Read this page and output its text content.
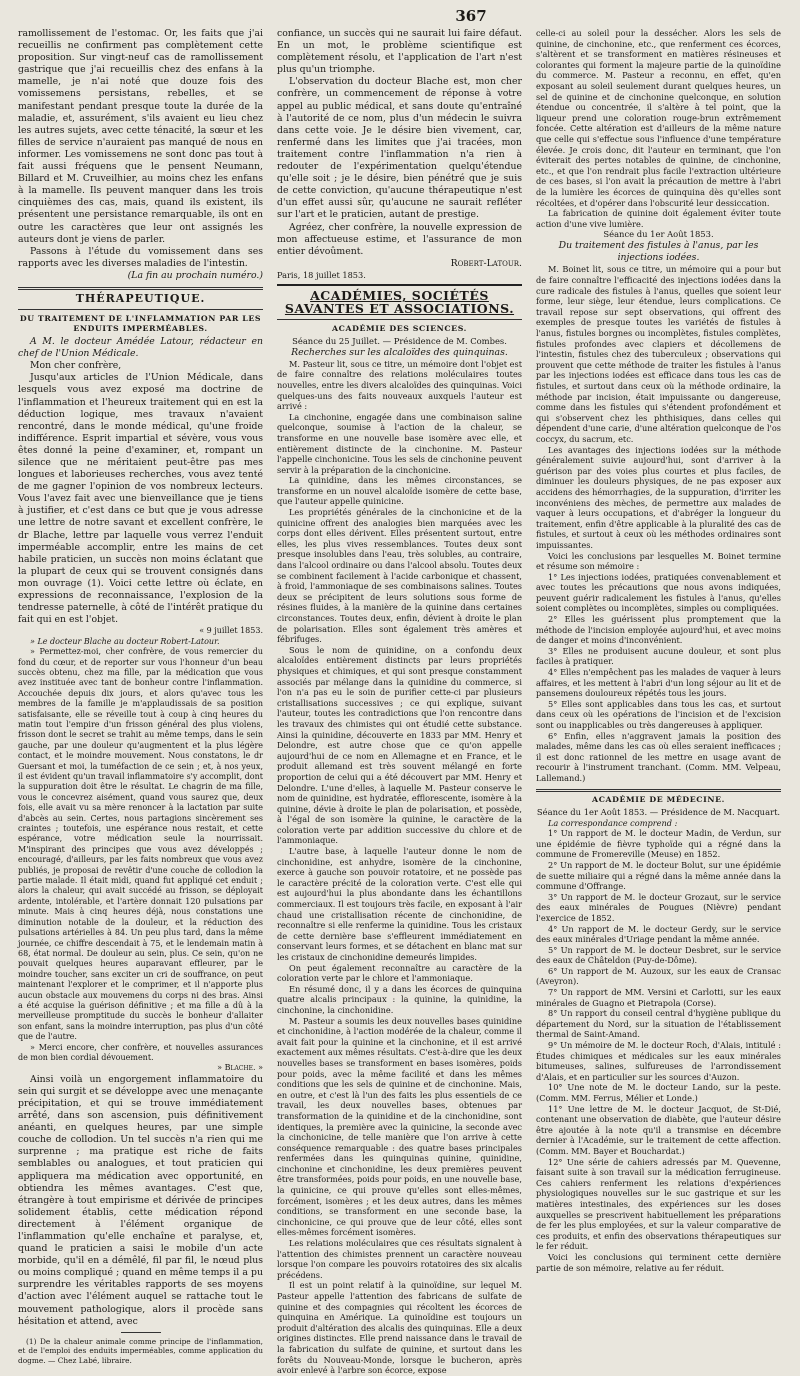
367

ramollissement de l'estomac. Or, les faits que j'ai recueillis ne confirment pas complètement cette proposition. Sur vingt-neuf cas de ramollissement gastrique que j'ai recueillis chez des enfans à la mamelle, je n'ai noté que douze fois des vomissemens persistans, rebelles, et se manifestant pendant presque toute la durée de la maladie, et, assurément, s'ils avaient eu lieu chez les autres sujets, avec cette ténacité, la sœur et les filles de service n'auraient pas manqué de nous en informer. Les vomissemens ne sont donc pas tout à fait aussi fréquens que le pensent Neumann, Billard et M. Cruveilhier, au moins chez les enfans à la mamelle. Ils peuvent manquer dans les trois cinquièmes des cas, mais, quand ils existent, ils présentent une persistance remarquable, ils ont en outre les caractères que leur ont assignés les auteurs dont je viens de parler.

Passons à l'étude du vomissement dans ses rapports avec les diverses maladies de l'intestin.

(La fin au prochain numéro.)

THÉRAPEUTIQUE.
DU TRAITEMENT DE L'INFLAMMATION PAR LES ENDUITS IMPERMÉABLES.

A M. le docteur Amédée Latour, rédacteur en chef de l'Union Médicale.

Mon cher confrère,

Jusqu'aux articles de l'Union Médicale, dans lesquels vous avez exposé ma doctrine de l'inflammation et l'heureux traitement qui en est la déduction logique, mes travaux n'avaient rencontré, dans le monde médical, qu'une froide indifférence. Esprit impartial et sévère, vous vous êtes donné la peine d'examiner, et, rompant un silence que ne méritaient peut-être pas mes longues et laborieuses recherches, vous avez tenté de me gagner l'opinion de vos nombreux lecteurs. Vous l'avez fait avec une bienveillance que je tiens à justifier, et c'est dans ce but que je vous adresse une lettre de notre savant et excellent confrère, le dr Blache, lettre par laquelle vous verrez l'enduit imperméable accomplir, entre les mains de cet habile praticien, un succès non moins éclatant que la plupart de ceux qui se trouvent consignés dans mon ouvrage (1). Voici cette lettre où éclate, en expressions de reconnaissance, l'explosion de la tendresse paternelle, à côté de l'intérêt pratique du fait qui en est l'objet.

« 9 juillet 1853.

» Le docteur Blache au docteur Robert-Latour.

» Permettez-moi, cher confrère, de vous remercier du fond du cœur, et de reporter sur vous l'honneur d'un beau succès obtenu, chez ma fille, par la médication que vous avez instituée avec tant de bonheur contre l'inflammation. Accouchée depuis dix jours, et alors qu'avec tous les membres de la famille je m'applaudissais de sa position satisfaisante, elle se réveille tout à coup à cinq heures du matin tout l'empire d'un frisson général des plus violens, frisson dont le secret se trahit au même temps, dans le sein gauche, par une douleur qu'augmentent et la plus légère contact, et le moindre mouvement. Nous constatons, le dr Guersant et moi, la tuméfaction de ce sein ; et, à nos yeux, il est évident qu'un travail inflammatoire s'y accomplit, dont la suppuration doit être le résultat. Le chagrin de ma fille, vous le concevrez aisément, quand vous saurez que, deux fois, elle avait vu sa mère renoncer à la lactation par suite d'abcès au sein. Certes, nous partagions sincèrement ses craintes ; toutefois, une espérance nous restait, et cette espérance, votre médication seule la nourrissait. M'inspirant des principes que vous avez développés ; encouragé, d'ailleurs, par les faits nombreux que vous avez publiés, je proposai de revêtir d'une couche de collodion la partie malade. Il était midi, quand fut appliqué cet enduit ; alors la chaleur, qui avait succédé au frisson, se déployait ardente, intolérable, et l'artère donnait 120 pulsations par minute. Mais à cinq heures déjà, nous constations une diminution notable de la douleur, et la réduction des pulsations artérielles à 84. Un peu plus tard, dans la même journée, ce chiffre descendait à 75, et le lendemain matin à 68, état normal. De douleur au sein, plus. Ce sein, qu'on ne pouvait quelques heures auparavant effleurer, par le moindre toucher, sans exciter un cri de souffrance, on peut maintenant l'explorer et le comprimer, et il n'apporte plus aucun obstacle aux mouvemens du corps ni des bras. Ainsi a été acquise la guérison définitive ; et ma fille a dû à la merveilleuse promptitude du succès le bonheur d'allaiter son enfant, sans la moindre interruption, pas plus d'un côté que de l'autre.

» Merci encore, cher confrère, et nouvelles assurances de mon bien cordial dévouement.

» Blache. »

Ainsi voilà un engorgement inflammatoire du sein qui surgit et se développe avec une menaçante précipitation, et qui se trouve immédiatement arrêté, dans son ascension, puis définitivement anéanti, en quelques heures, par une simple couche de collodion. Un tel succès n'a rien qui me surprenne ; ma pratique est riche de faits semblables ou analogues, et tout praticien qui appliquera ma médication avec opportunité, en obtiendra les mêmes avantages. C'est que, étrangère à tout empirisme et dérivée de principes solidement établis, cette médication répond directement à l'élément organique de l'inflammation qu'elle enchaîne et paralyse, et, quand le praticien a saisi le mobile d'un acte morbide, qu'il en a démêlé, fil par fil, le nœud plus ou moins compliqué ; quand en même temps il a pu surprendre les véritables rapports de ses moyens d'action avec l'élément auquel se rattache tout le mouvement pathologique, alors il procède sans hésitation et attend, avec

(1) De la chaleur animale comme principe de l'inflammation, et de l'emploi des enduits imperméables, comme application du dogme. — Chez Labé, libraire.

confiance, un succès qui ne saurait lui faire défaut. En un mot, le problème scientifique est complètement résolu, et l'application de l'art n'est plus qu'un triomphe.

L'observation du docteur Blache est, mon cher confrère, un commencement de réponse à votre appel au public médical, et sans doute qu'entraîné à l'autorité de ce nom, plus d'un médecin le suivra dans cette voie. Je le désire bien vivement, car, renfermé dans les limites que j'ai tracées, mon traitement contre l'inflammation n'a rien à redouter de l'expérimentation quelqu'étendue qu'elle soit ; je le désire, bien pénétré que je suis de cette conviction, qu'aucune thérapeutique n'est d'un effet aussi sûr, qu'aucune ne saurait refléter sur l'art et le praticien, autant de prestige.

Agréez, cher confrère, la nouvelle expression de mon affectueuse estime, et l'assurance de mon entier dévoûment.

Robert-Latour.

Paris, 18 juillet 1853.

ACADÉMIES, SOCIÉTÉS SAVANTES ET ASSOCIATIONS.
ACADÉMIE DES SCIENCES.
Séance du 25 Juillet. — Présidence de M. Combes.

Recherches sur les alcaloïdes des quinquinas.

M. Pasteur lit, sous ce titre, un mémoire dont l'objet est de faire connaître des relations moléculaires toutes nouvelles, entre les divers alcaloïdes des quinquinas. Voici quelques-uns des faits nouveaux auxquels l'auteur est arrivé :

La cinchonine, engagée dans une combinaison saline quelconque, soumise à l'action de la chaleur, se transforme en une nouvelle base isomère avec elle, et entièrement distincte de la cinchonine. M. Pasteur l'appelle cinchonicine. Tous les sels de cinchonine peuvent servir à la préparation de la cinchonicine.

La quinidine, dans les mêmes circonstances, se transforme en un nouvel alcaloïde isomère de cette base, que l'auteur appelle quinicine.

Les propriétés générales de la cinchonicine et de la quinicine offrent des analogies bien marquées avec les corps dont elles dérivent. Elles présentent surtout, entre elles, les plus vives ressemblances. Toutes deux sont presque insolubles dans l'eau, très solubles, au contraire, dans l'alcool ordinaire ou dans l'alcool absolu. Toutes deux se combinent facilement à l'acide carbonique et chassent, à froid, l'ammoniaque de ses combinaisons salines. Toutes deux se précipitent de leurs solutions sous forme de résines fluides, à la manière de la quinine dans certaines circonstances. Toutes deux, enfin, dévient à droite le plan de polarisation. Elles sont également très amères et fébrifuges.

Sous le nom de quinidine, on a confondu deux alcaloïdes entièrement distincts par leurs propriétés physiques et chimiques, et qui sont presque constamment associés par mélange dans la quinidine du commerce, si l'on n'a pas eu le soin de purifier cette-ci par plusieurs cristallisations successives ; ce qui explique, suivant l'auteur, toutes les contradictions que l'on rencontre dans les travaux des chimistes qui ont étudié cette substance. Ainsi la quinidine, découverte en 1833 par MM. Henry et Delondre, est autre chose que ce qu'on appelle aujourd'hui de ce nom en Allemagne et en France, et le produit allemand est très souvent mélangé en forte proportion de celui qui a été découvert par MM. Henry et Delondre. L'une d'elles, à laquelle M. Pasteur conserve le nom de quinidine, est hydratée, efflorescente, isomère à la quinine, dévie à droite le plan de polarisation, et possède, à l'égal de son isomère la quinine, le caractère de la coloration verte par addition successive du chlore et de l'ammoniaque.

L'autre base, à laquelle l'auteur donne le nom de cinchonidine, est anhydre, isomère de la cinchonine, exerce à gauche son pouvoir rotatoire, et ne possède pas le caractère précité de la coloration verte. C'est elle qui est aujourd'hui la plus abondante dans les échantillons commerciaux. Il est toujours très facile, en exposant à l'air chaud une cristallisation récente de cinchonidine, de reconnaître si elle renferme la quinidine. Tous les cristaux de cette dernière base s'effleurent immédiatement en conservant leurs formes, et se détachent en blanc mat sur les cristaux de cinchonidine demeurés limpides.

On peut également reconnaître au caractère de la coloration verte par le chlore et l'ammoniaque.

En résumé donc, il y a dans les écorces de quinquina quatre alcalis principaux : la quinine, la quinidine, la cinchonine, la cinchonidine.

M. Pasteur a soumis les deux nouvelles bases quinidine et cinchonidine, à l'action modérée de la chaleur, comme il avait fait pour la quinine et la cinchonine, et il est arrivé exactement aux mêmes résultats. C'est-à-dire que les deux nouvelles bases se transforment en bases isomères, poids pour poids, avec la même facilité et dans les mêmes conditions que les sels de quinine et de cinchonine. Mais, en outre, et c'est là l'un des faits les plus essentiels de ce travail, les deux nouvelles bases, obtenues par transformation de la quinidine et de la cinchonidine, sont identiques, la première avec la quinicine, la seconde avec la cinchonicine, de telle manière que l'on arrive à cette conséquence remarquable : des quatre bases principales renfermées dans les quinquinas quinine, quinidine, cinchonine et cinchonidine, les deux premières peuvent être transformées, poids pour poids, en une nouvelle base, la quinicine, ce qui prouve qu'elles sont elles-mêmes, forcément, isomères ; et les deux autres, dans les mêmes conditions, se transforment en une seconde base, la cinchonicine, ce qui prouve que de leur côté, elles sont elles-mêmes forcément isomères.

Les relations moléculaires que ces résultats signalent à l'attention des chimistes prennent un caractère nouveau lorsque l'on compare les pouvoirs rotatoires des six alcalis précédens.

Il est un point relatif à la quinoïdine, sur lequel M. Pasteur appelle l'attention des fabricans de sulfate de quinine et des compagnies qui récoltent les écorces de quinquina en Amérique. La quinoïdine est toujours un produit d'altération des alcalis des quinquinas. Elle a deux origines distinctes. Elle prend naissance dans le travail de la fabrication du sulfate de quinine, et surtout dans les forêts du Nouveau-Monde, lorsque le bucheron, après avoir enlevé à l'arbre son écorce, expose

celle-ci au soleil pour la dessécher. Alors les sels de quinine, de cinchonine, etc., que renferment ces écorces, s'altèrent et se transforment en matières résineuses et colorantes qui forment la majeure partie de la quinoïdine du commerce. M. Pasteur a reconnu, en effet, qu'en exposant au soleil seulement durant quelques heures, un sel de quinine et de cinchonine quelconque, en solution étendue ou concentrée, il s'altère à tel point, que la liqueur prend une coloration rouge-brun extrêmement foncée. Cette altération est d'ailleurs de la même nature que celle qui s'effectue sous l'influence d'une température élevée. Je crois donc, dit l'auteur en terminant, que l'on éviterait des pertes notables de quinine, de cinchonine, etc., et que l'on rendrait plus facile l'extraction ultérieure de ces bases, si l'on avait la précaution de mettre à l'abri de la lumière les écorces de quinquina dès qu'elles sont récoltées, et d'opérer dans l'obscurité leur dessiccation.

La fabrication de quinine doit également éviter toute action d'une vive lumière.

Séance du 1er Août 1853.

Du traitement des fistules à l'anus, par les injections iodées.

M. Boinet lit, sous ce titre, un mémoire qui a pour but de faire connaître l'efficacité des injections iodées dans la cure radicale des fistules à l'anus, quelles que soient leur forme, leur siège, leur étendue, leurs complications. Ce travail repose sur sept observations, qui offrent des exemples de presque toutes les variétés de fistules à l'anus, fistules borgnes ou incomplètes, fistules complètes, fistules profondes avec clapiers et décollemens de l'intestin, fistules chez des tuberculeux ; observations qui prouvent que cette méthode de traiter les fistules à l'anus par les injections iodées est efficace dans tous les cas de fistules, et surtout dans ceux où la méthode ordinaire, la méthode par incision, était impuissante ou dangereuse, comme dans les fistules qui s'étendent profondément et qui s'observent chez les phthisiques, dans celles qui dépendent d'une carie, d'une altération quelconque de l'os coccyx, du sacrum, etc.

Les avantages des injections iodées sur la méthode généralement suivie aujourd'hui, sont d'arriver à la guérison par des voies plus courtes et plus faciles, de diminuer les douleurs physiques, de ne pas exposer aux accidens des hémorrhagies, de la suppuration, d'irriter les inconvéniens des mèches, de permettre aux malades de vaquer à leurs occupations, et d'abréger la longueur du traitement, enfin d'être applicable à la pluralité des cas de fistules, et surtout à ceux où les méthodes ordinaires sont impuissantes.

Voici les conclusions par lesquelles M. Boinet termine et résume son mémoire :

1° Les injections iodées, pratiquées convenablement et avec toutes les précautions que nous avons indiquées, peuvent guérir radicalement les fistules à l'anus, qu'elles soient complètes ou incomplètes, simples ou compliquées.

2° Elles les guérissent plus promptement que la méthode de l'incision employée aujourd'hui, et avec moins de danger et moins d'inconvénient.

3° Elles ne produisent aucune douleur, et sont plus faciles à pratiquer.

4° Elles n'empêchent pas les malades de vaquer à leurs affaires, et les mettent à l'abri d'un long séjour au lit et de pansemens douloureux répétés tous les jours.

5° Elles sont applicables dans tous les cas, et surtout dans ceux où les opérations de l'incision et de l'excision sont ou inapplicables ou très dangereuses à appliquer.

6° Enfin, elles n'aggravent jamais la position des malades, même dans les cas où elles seraient inefficaces ; il est donc rationnel de les mettre en usage avant de recourir à l'instrument tranchant. (Comm. MM. Velpeau, Lallemand.)

ACADÉMIE DE MÉDECINE.
Séance du 1er Août 1853. — Présidence de M. Nacquart.

La correspondance comprend :

1° Un rapport de M. le docteur Madin, de Verdun, sur une épidémie de fièvre typhoïde qui a régné dans la commune de Fromereville (Meuse) en 1852.

2° Un rapport de M. le docteur Bolut, sur une épidémie de suette miliaire qui a régné dans la même année dans la commune d'Offrange.

3° Un rapport de M. le docteur Grozaut, sur le service des eaux minérales de Pougues (Nièvre) pendant l'exercice de 1852.

4° Un rapport de M. le docteur Gerdy, sur le service des eaux minérales d'Uriage pendant la même année.

5° Un rapport de M. le docteur Desbret, sur le service des eaux de Châteldon (Puy-de-Dôme).

6° Un rapport de M. Auzoux, sur les eaux de Cransac (Aveyron).

7° Un rapport de MM. Versini et Carlotti, sur les eaux minérales de Guagno et Pietrapola (Corse).

8° Un rapport du conseil central d'hygiène publique du département du Nord, sur la situation de l'établissement thermal de Saint-Amand.

9° Un mémoire de M. le docteur Roch, d'Alais, intitulé : Études chimiques et médicales sur les eaux minérales bitumeuses, salines, sulfureuses de l'arrondissement d'Alais, et en particulier sur les sources d'Auzon.

10° Une note de M. le docteur Lando, sur la peste. (Comm. MM. Ferrus, Mélier et Londe.)

11° Une lettre de M. le docteur Jacquot, de St-Dié, contenant une observation de diabète, que l'auteur désire être ajoutée à la note qu'il a transmise en décembre dernier à l'Académie, sur le traitement de cette affection. (Comm. MM. Bayer et Bouchardat.)

12° Une série de cahiers adressés par M. Quevenne, faisant suite à son travail sur la médication ferrugineuse. Ces cahiers renferment les relations d'expériences physiologiques nouvelles sur le suc gastrique et sur les matières intestinales, des expériences sur les doses auxquelles se prescrivent habituellement les préparations de fer les plus employées, et sur la valeur comparative de ces produits, et enfin des observations thérapeutiques sur le fer réduit.

Voici les conclusions qui terminent cette dernière partie de son mémoire, relative au fer réduit.
